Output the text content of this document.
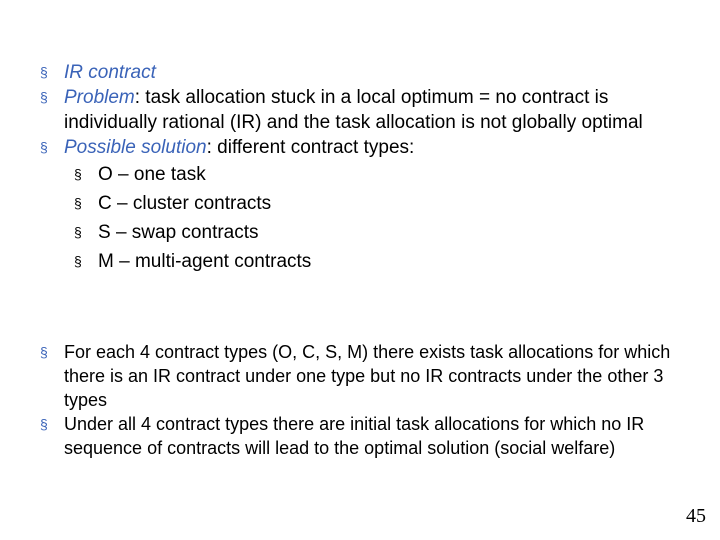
§ IR contract
§ Problem: task allocation stuck in a local optimum = no contract is individually rational (IR) and the task allocation is not globally optimal
§ Possible solution: different contract types:
§ O – one task
§ C – cluster contracts
§ S – swap contracts
§ M – multi-agent contracts
§ For each 4 contract types (O, C, S, M) there exists task allocations for which there is an IR contract under one type but no IR contracts under the other 3 types
§ Under all 4 contract types there are initial task allocations for which no IR sequence of contracts will lead to the optimal solution (social welfare)
45
